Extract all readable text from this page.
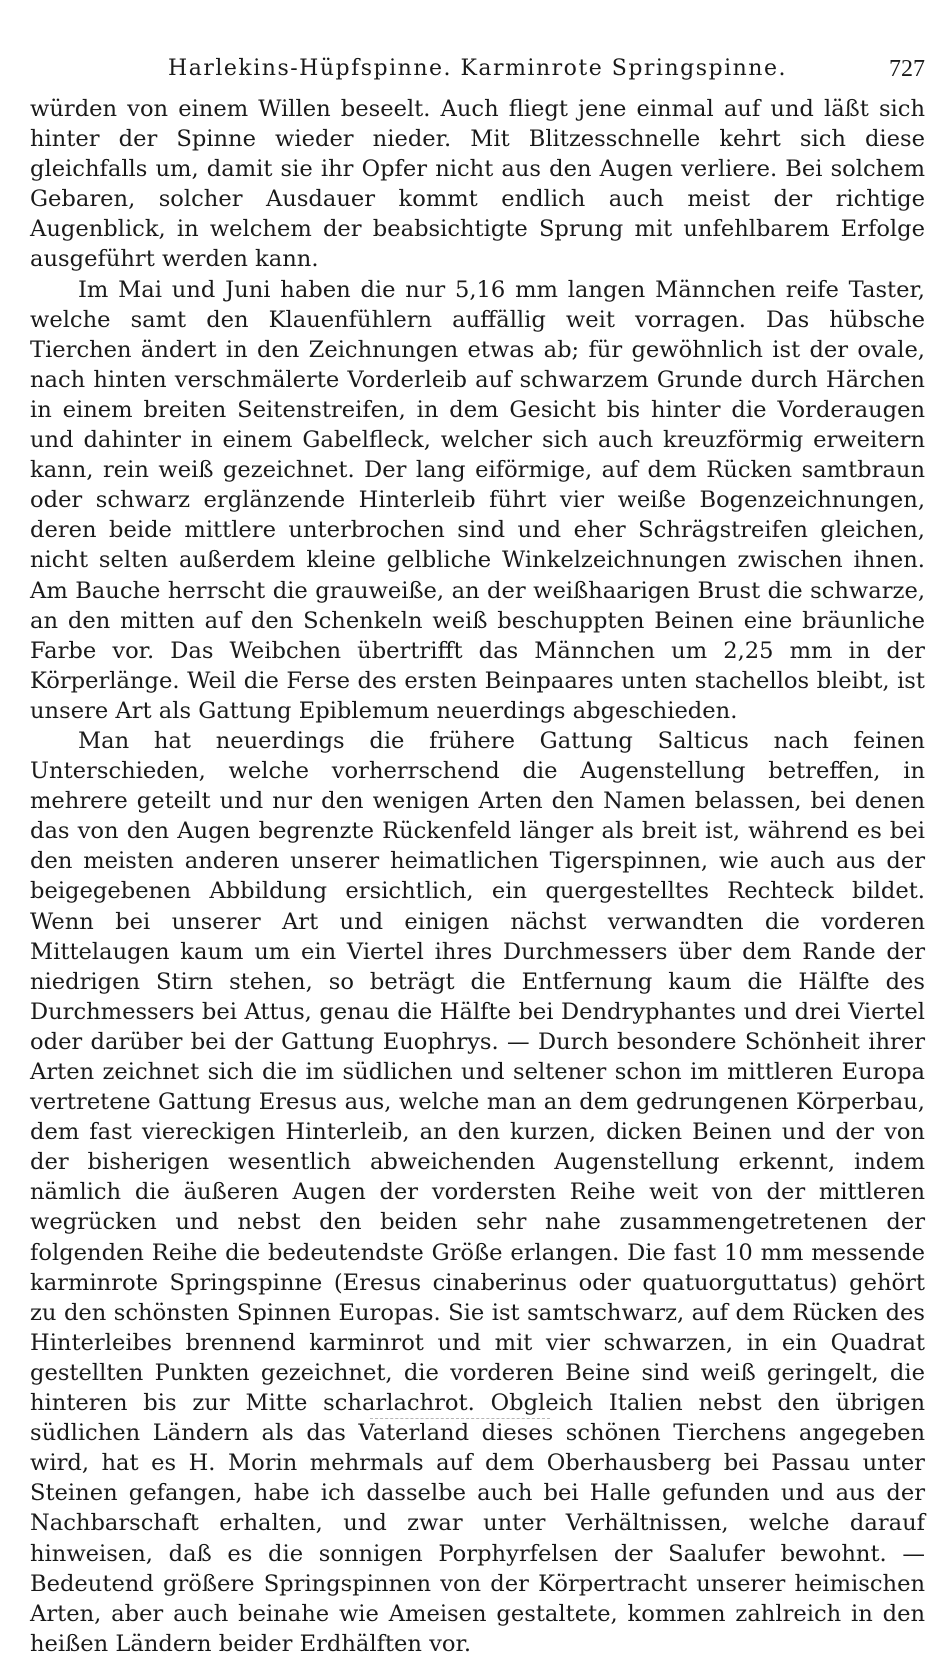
Harlekins-Hüpfspinne. Karminrote Springspinne.	727

würden von einem Willen beseelt. Auch fliegt jene einmal auf und läßt sich hinter der Spinne wieder nieder. Mit Blitzesschnelle kehrt sich diese gleichfalls um, damit sie ihr Opfer nicht aus den Augen verliere. Bei solchem Gebaren, solcher Ausdauer kommt endlich auch meist der richtige Augenblick, in welchem der beabsichtigte Sprung mit unfehlbarem Erfolge ausgeführt werden kann.

Im Mai und Juni haben die nur 5,16 mm langen Männchen reife Taster, welche samt den Klauenfühlern auffällig weit vorragen. Das hübsche Tierchen ändert in den Zeichnungen etwas ab; für gewöhnlich ist der ovale, nach hinten verschmälerte Vorderleib auf schwarzem Grunde durch Härchen in einem breiten Seitenstreifen, in dem Gesicht bis hinter die Vorderaugen und dahinter in einem Gabelfleck, welcher sich auch kreuzförmig erweitern kann, rein weiß gezeichnet. Der lang eiförmige, auf dem Rücken samtbraun oder schwarz erglänzende Hinterleib führt vier weiße Bogenzeichnungen, deren beide mittlere unterbrochen sind und eher Schrägstreifen gleichen, nicht selten außerdem kleine gelbliche Winkelzeichnungen zwischen ihnen. Am Bauche herrscht die grauweiße, an der weißhaarigen Brust die schwarze, an den mitten auf den Schenkeln weiß beschuppten Beinen eine bräunliche Farbe vor. Das Weibchen übertrifft das Männchen um 2,25 mm in der Körperlänge. Weil die Ferse des ersten Beinpaares unten stachellos bleibt, ist unsere Art als Gattung Epiblemum neuerdings abgeschieden.

Man hat neuerdings die frühere Gattung Salticus nach feinen Unterschieden, welche vorherrschend die Augenstellung betreffen, in mehrere geteilt und nur den wenigen Arten den Namen belassen, bei denen das von den Augen begrenzte Rückenfeld länger als breit ist, während es bei den meisten anderen unserer heimatlichen Tigerspinnen, wie auch aus der beigegebenen Abbildung ersichtlich, ein quergestelltes Rechteck bildet. Wenn bei unserer Art und einigen nächst verwandten die vorderen Mittelaugen kaum um ein Viertel ihres Durchmessers über dem Rande der niedrigen Stirn stehen, so beträgt die Entfernung kaum die Hälfte des Durchmessers bei Attus, genau die Hälfte bei Dendryphantes und drei Viertel oder darüber bei der Gattung Euophrys. — Durch besondere Schönheit ihrer Arten zeichnet sich die im südlichen und seltener schon im mittleren Europa vertretene Gattung Eresus aus, welche man an dem gedrungenen Körperbau, dem fast viereckigen Hinterleib, an den kurzen, dicken Beinen und der von der bisherigen wesentlich abweichenden Augenstellung erkennt, indem nämlich die äußeren Augen der vordersten Reihe weit von der mittleren wegrücken und nebst den beiden sehr nahe zusammengetretenen der folgenden Reihe die bedeutendste Größe erlangen. Die fast 10 mm messende karminrote Springspinne (Eresus cinaberinus oder quatuorguttatus) gehört zu den schönsten Spinnen Europas. Sie ist samtschwarz, auf dem Rücken des Hinterleibes brennend karminrot und mit vier schwarzen, in ein Quadrat gestellten Punkten gezeichnet, die vorderen Beine sind weiß geringelt, die hinteren bis zur Mitte scharlachrot. Obgleich Italien nebst den übrigen südlichen Ländern als das Vaterland dieses schönen Tierchens angegeben wird, hat es H. Morin mehrmals auf dem Oberhausberg bei Passau unter Steinen gefangen, habe ich dasselbe auch bei Halle gefunden und aus der Nachbarschaft erhalten, und zwar unter Verhältnissen, welche darauf hinweisen, daß es die sonnigen Porphyrfelsen der Saalufer bewohnt. — Bedeutend größere Springspinnen von der Körpertracht unserer heimischen Arten, aber auch beinahe wie Ameisen gestaltete, kommen zahlreich in den heißen Ländern beider Erdhälften vor.
